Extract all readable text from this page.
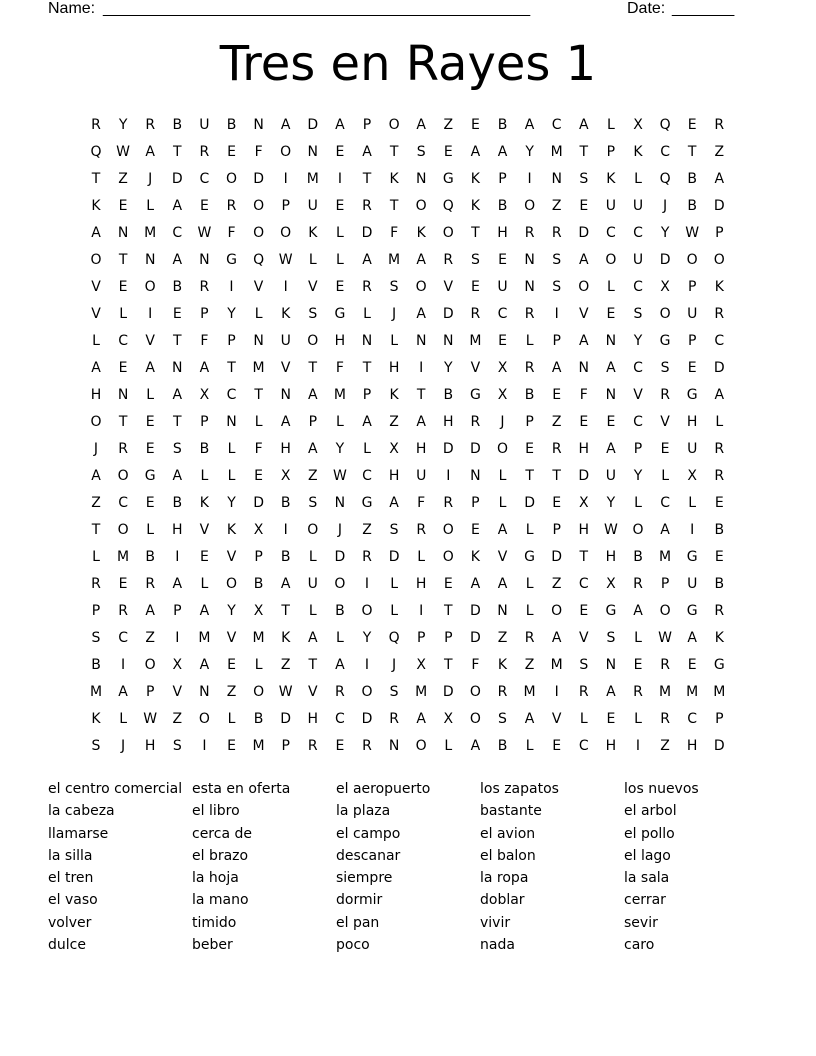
Name: ________________________________________________	Date: _______
Tres en Rayes 1
R	Y	R	B	U	B	N	A	D	A	P	O	A	Z	E	B	A	C	A	L	X	Q	E	R
Q	W	A	T	R	E	F	O	N	E	A	T	S	E	A	A	Y	M	T	P	K	C	T	Z
T	Z	J	D	C	O	D	I	M	I	T	K	N	G	K	P	I	N	S	K	L	Q	B	A
K	E	L	A	E	R	O	P	U	E	R	T	O	Q	K	B	O	Z	E	U	U	J	B	D
A	N	M	C	W	F	O	O	K	L	D	F	K	O	T	H	R	R	D	C	C	Y	W	P
O	T	N	A	N	G	Q	W	L	L	A	M	A	R	S	E	N	S	A	O	U	D	O	O
V	E	O	B	R	I	V	I	V	E	R	S	O	V	E	U	N	S	O	L	C	X	P	K
V	L	I	E	P	Y	L	K	S	G	L	J	A	D	R	C	R	I	V	E	S	O	U	R
L	C	V	T	F	P	N	U	O	H	N	L	N	N	M	E	L	P	A	N	Y	G	P	C
A	E	A	N	A	T	M	V	T	F	T	H	I	Y	V	X	R	A	N	A	C	S	E	D
H	N	L	A	X	C	T	N	A	M	P	K	T	B	G	X	B	E	F	N	V	R	G	A
O	T	E	T	P	N	L	A	P	L	A	Z	A	H	R	J	P	Z	E	E	C	V	H	L
J	R	E	S	B	L	F	H	A	Y	L	X	H	D	D	O	E	R	H	A	P	E	U	R
A	O	G	A	L	L	E	X	Z	W	C	H	U	I	N	L	T	T	D	U	Y	L	X	R
Z	C	E	B	K	Y	D	B	S	N	G	A	F	R	P	L	D	E	X	Y	L	C	L	E
T	O	L	H	V	K	X	I	O	J	Z	S	R	O	E	A	L	P	H	W	O	A	I	B
L	M	B	I	E	V	P	B	L	D	R	D	L	O	K	V	G	D	T	H	B	M	G	E
R	E	R	A	L	O	B	A	U	O	I	L	H	E	A	A	L	Z	C	X	R	P	U	B
P	R	A	P	A	Y	X	T	L	B	O	L	I	T	D	N	L	O	E	G	A	O	G	R
S	C	Z	I	M	V	M	K	A	L	Y	Q	P	P	D	Z	R	A	V	S	L	W	A	K
B	I	O	X	A	E	L	Z	T	A	I	J	X	T	F	K	Z	M	S	N	E	R	E	G
M	A	P	V	N	Z	O	W	V	R	O	S	M	D	O	R	M	I	R	A	R	M	M	M
K	L	W	Z	O	L	B	D	H	C	D	R	A	X	O	S	A	V	L	E	L	R	C	P
S	J	H	S	I	E	M	P	R	E	R	N	O	L	A	B	L	E	C	H	I	Z	H	D
el centro comercial
la cabeza
llamarse
la silla
el tren
el vaso
volver
dulce
esta en oferta
el libro
cerca de
el brazo
la hoja
la mano
timido
beber
el aeropuerto
la plaza
el campo
descanar
siempre
dormir
el pan
poco
los zapatos
bastante
el avion
el balon
la ropa
doblar
vivir
nada
los nuevos
el arbol
el pollo
el lago
la sala
cerrar
sevir
caro
